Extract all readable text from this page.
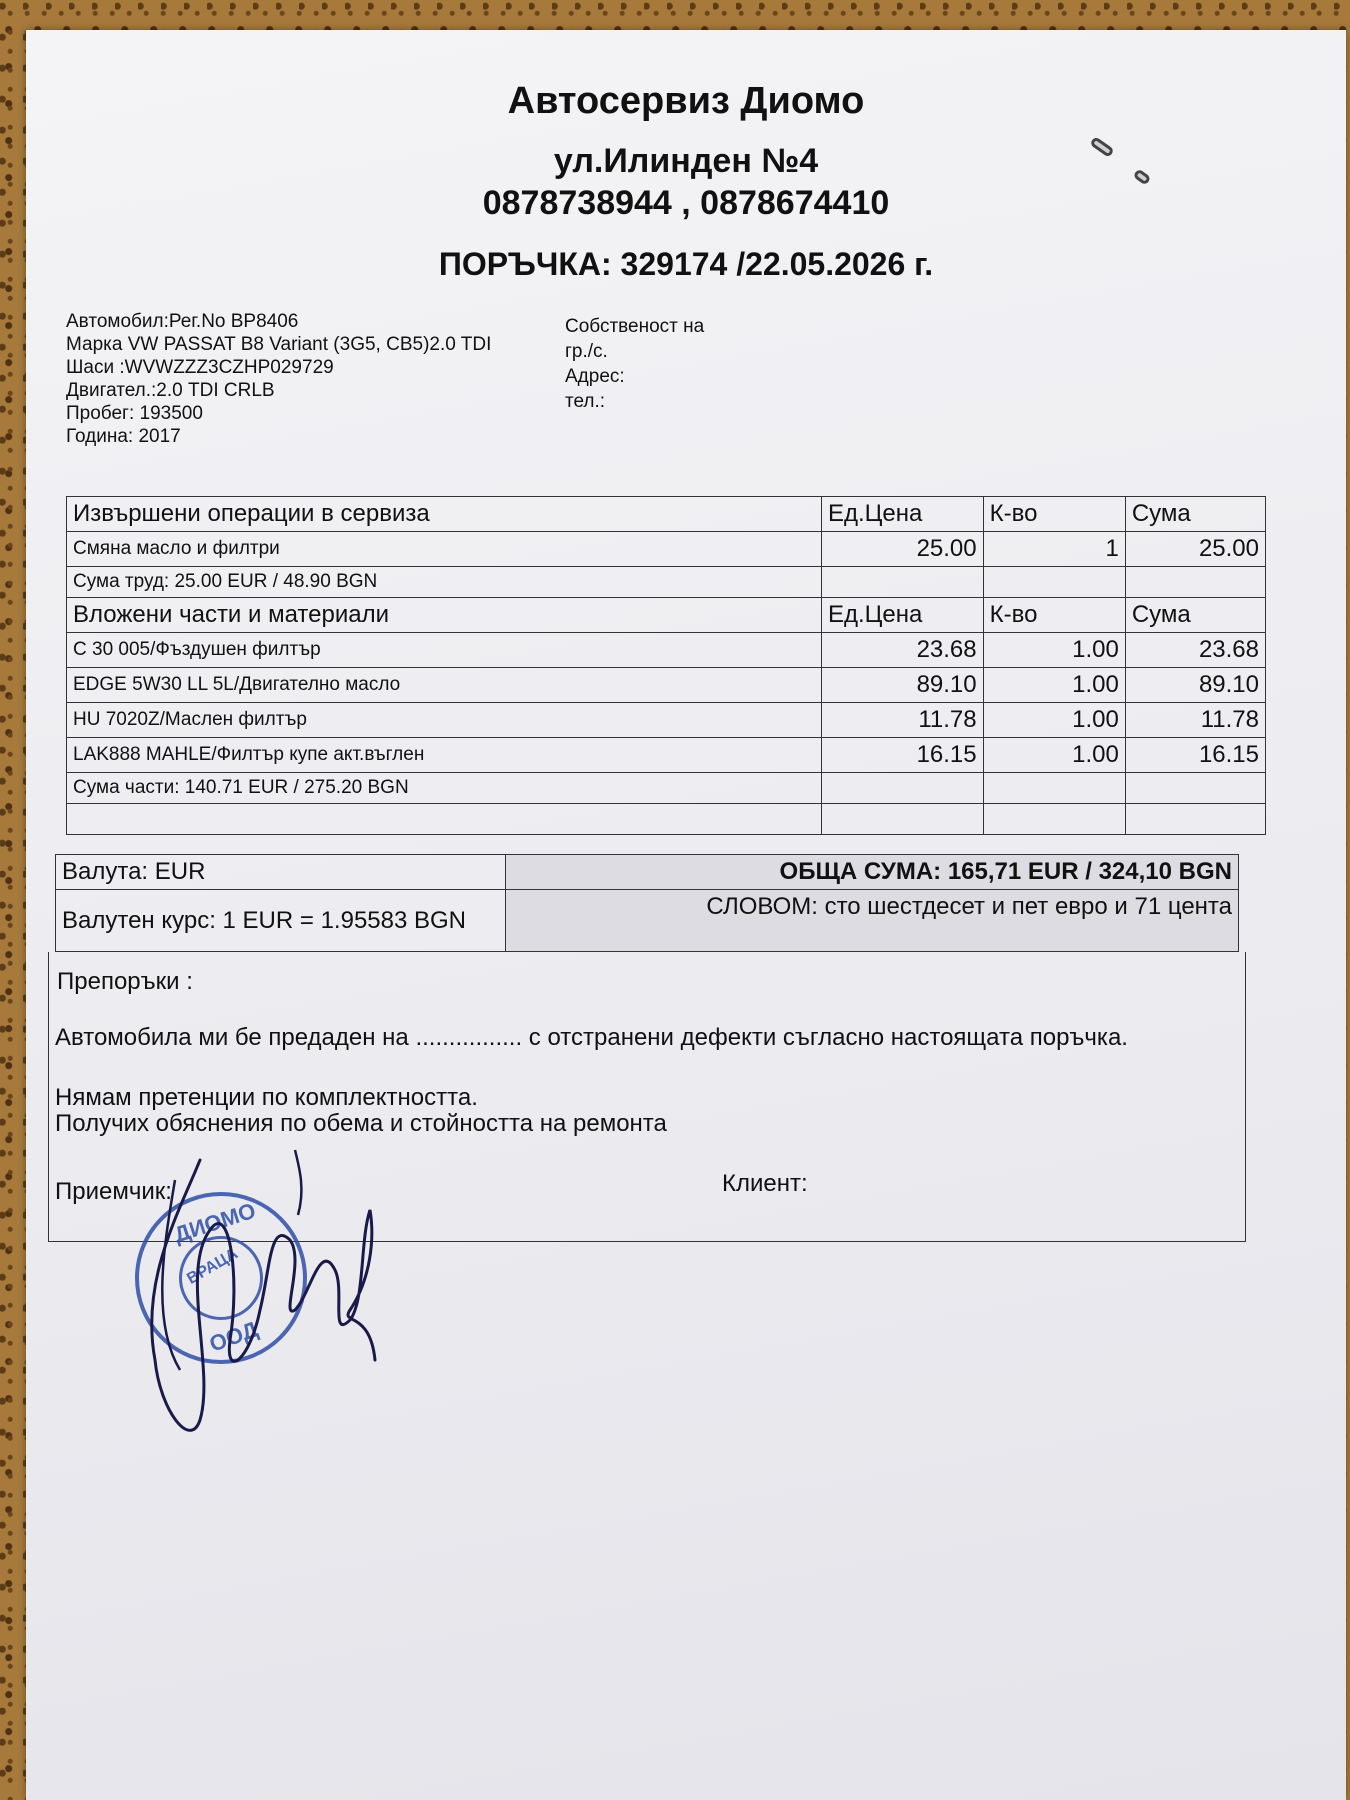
Автосервиз Диомо
ул.Илинден №4
0878738944 , 0878674410
ПОРЪЧКА: 329174 /22.05.2026 г.
Автомобил:Рег.No ВР8406
Марка VW PASSAT B8 Variant (3G5, CB5)2.0 TDI
Шаси :WVWZZZ3CZHP029729
Двигател.:2.0 TDI CRLB
Пробег: 193500
Година: 2017
Собственост на
гр./с.
Адрес:
тел.:
Извършени операции в сервиза	Ед.Цена	К-во	Сума
Смяна масло и филтри	25.00	1	25.00
Сума труд: 25.00 EUR / 48.90 BGN			
Вложени части и материали	Ед.Цена	К-во	Сума
C 30 005/Фъздушен филтър	23.68	1.00	23.68
EDGE 5W30 LL 5L/Двигателно масло	89.10	1.00	89.10
HU 7020Z/Маслен филтър	11.78	1.00	11.78
LAK888 MAHLE/Филтър купе акт.въглен	16.15	1.00	16.15
Сума части: 140.71 EUR / 275.20 BGN			

Валута: EUR	ОБЩА СУМА: 165,71 EUR / 324,10 BGN
Валутен курс: 1 EUR = 1.95583 BGN	СЛОВОМ: сто шестдесет и пет евро и 71 цента
Препоръки :
Автомобила ми бе предаден на ................ с отстранени дефекти съгласно настоящата поръчка.
Нямам претенции по комплектността.
Получих обяснения по обема и стойността на ремонта
Приемчик:	Клиент:
ДИОМО
ВРАЦА
ООД
